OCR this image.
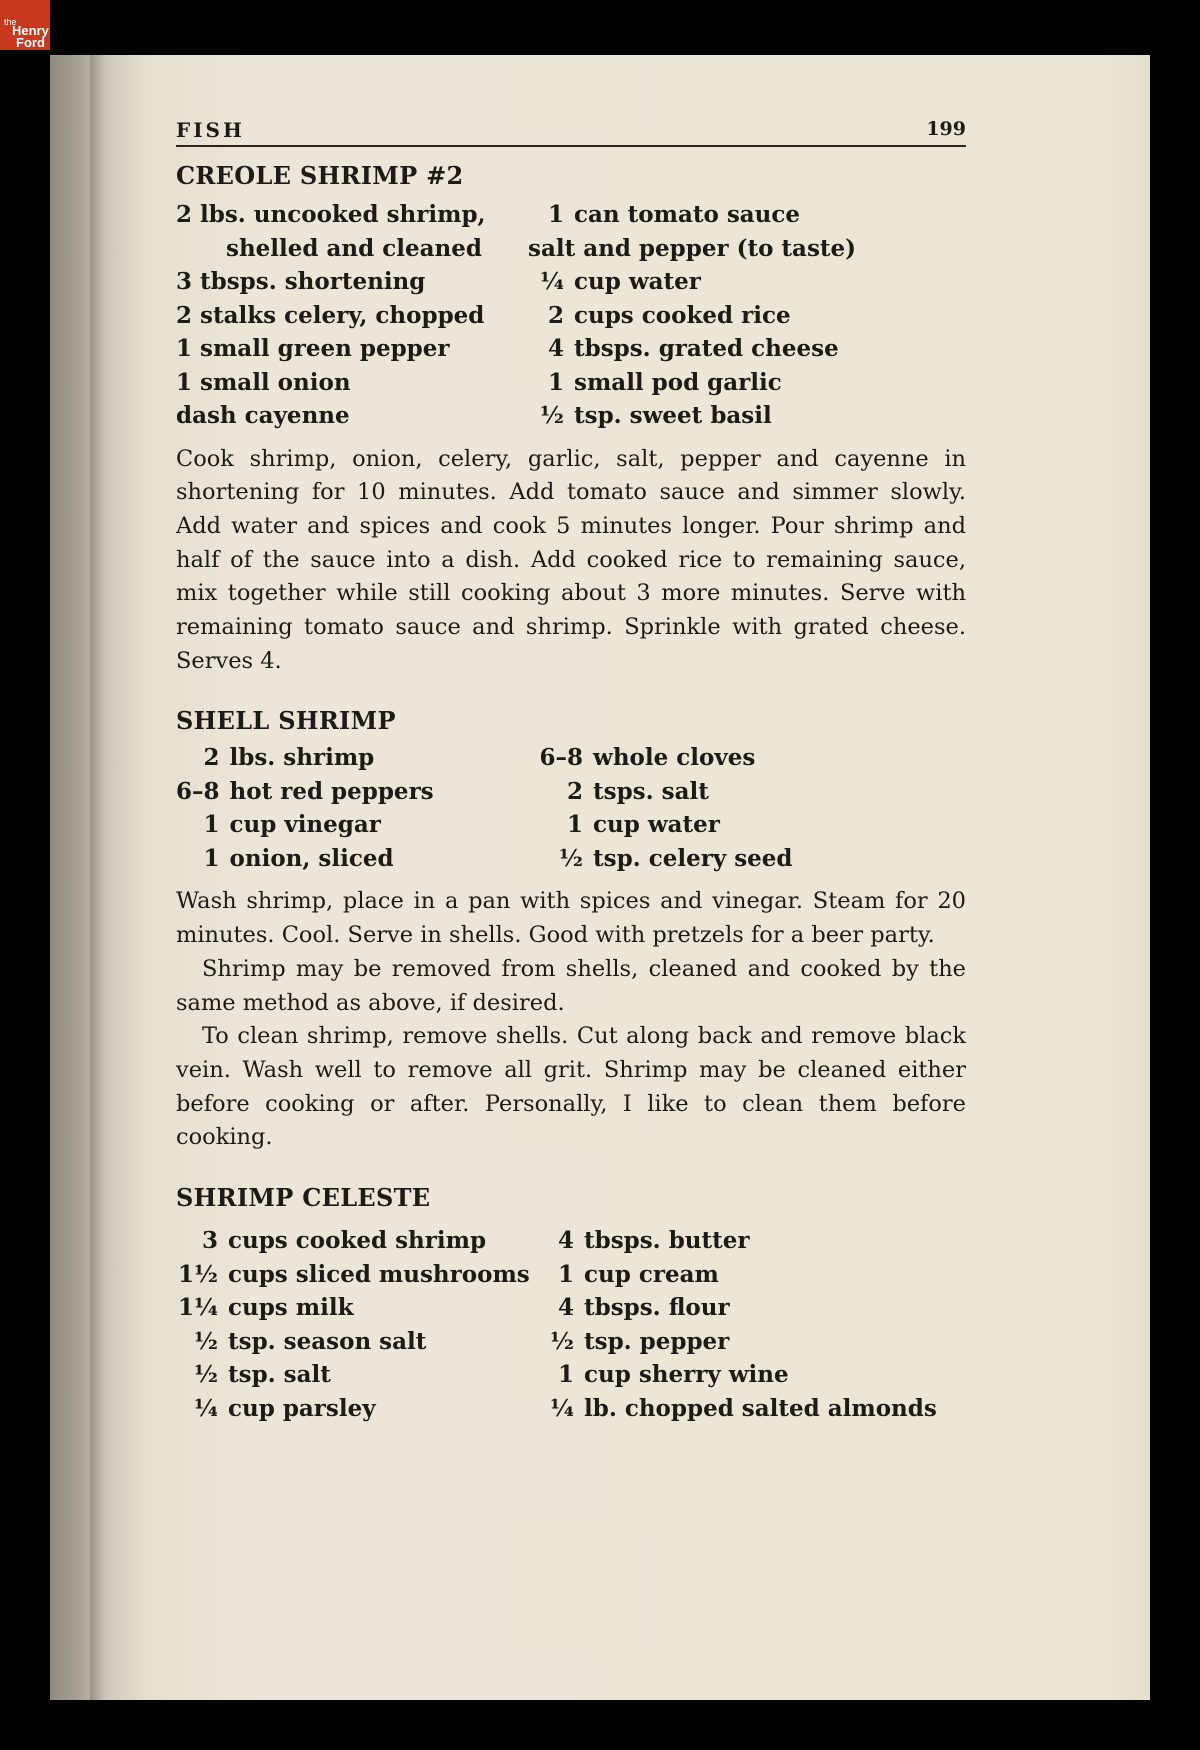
the
Henry
Ford
FISH	199
CREOLE SHRIMP #2
2 lbs. uncooked shrimp,	1	can tomato sauce
shelled and cleaned	salt and pepper (to taste)	
3 tbsps. shortening	¼	cup water
2 stalks celery, chopped	2	cups cooked rice
1 small green pepper	4	tbsps. grated cheese
1 small onion	1	small pod garlic
dash cayenne	½	tsp. sweet basil

Cook shrimp, onion, celery, garlic, salt, pepper and cayenne in shortening for 10 minutes. Add tomato sauce and simmer slowly. Add water and spices and cook 5 minutes longer. Pour shrimp and half of the sauce into a dish. Add cooked rice to remaining sauce, mix together while still cooking about 3 more minutes. Serve with remaining tomato sauce and shrimp. Sprinkle with grated cheese. Serves 4.

SHELL SHRIMP
2	lbs. shrimp	6–8	whole cloves
6–8	hot red peppers	2	tsps. salt
1	cup vinegar	1	cup water
1	onion, sliced	½	tsp. celery seed

Wash shrimp, place in a pan with spices and vinegar. Steam for 20 minutes. Cool. Serve in shells. Good with pretzels for a beer party.

Shrimp may be removed from shells, cleaned and cooked by the same method as above, if desired.

To clean shrimp, remove shells. Cut along back and remove black vein. Wash well to remove all grit. Shrimp may be cleaned either before cooking or after. Personally, I like to clean them before cooking.

SHRIMP CELESTE
3	cups cooked shrimp	4	tbsps. butter
1½	cups sliced mushrooms	1	cup cream
1¼	cups milk	4	tbsps. flour
½	tsp. season salt	½	tsp. pepper
½	tsp. salt	1	cup sherry wine
¼	cup parsley	¼	lb. chopped salted almonds
